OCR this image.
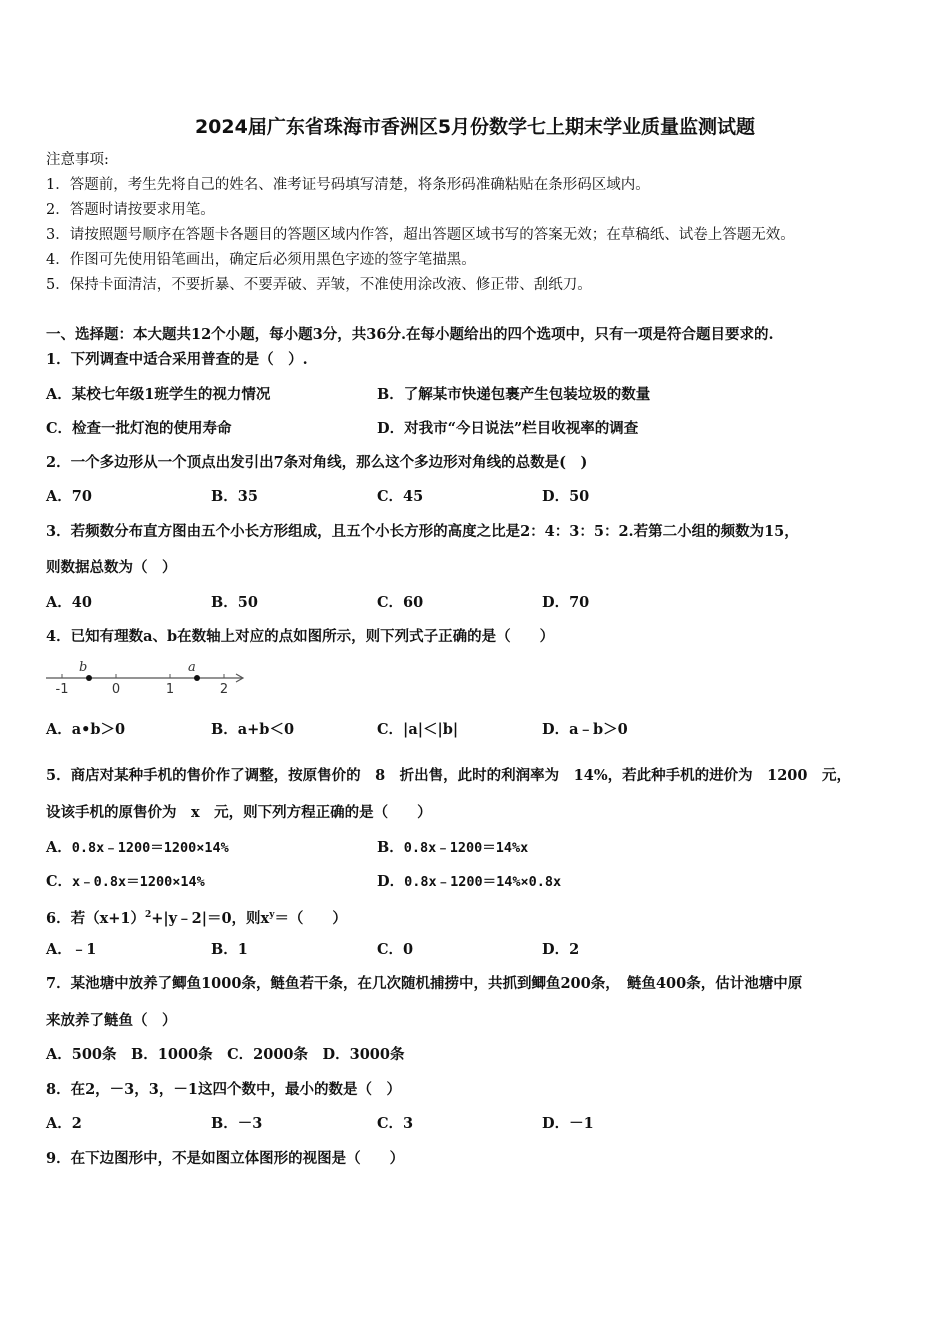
2024届广东省珠海市香洲区5月份数学七上期末学业质量监测试题
注意事项:
1．答题前，考生先将自己的姓名、准考证号码填写清楚，将条形码准确粘贴在条形码区域内。
2．答题时请按要求用笔。
3．请按照题号顺序在答题卡各题目的答题区域内作答，超出答题区域书写的答案无效；在草稿纸、试卷上答题无效。
4．作图可先使用铅笔画出，确定后必须用黑色字迹的签字笔描黑。
5．保持卡面清洁，不要折暴、不要弄破、弄皱，不准使用涂改液、修正带、刮纸刀。
一、选择题：本大题共12个小题，每小题3分，共36分.在每小题给出的四个选项中，只有一项是符合题目要求的.
1．下列调查中适合采用普查的是（　）.
A．某校七年级1班学生的视力情况	B．了解某市快递包裹产生包装垃圾的数量
C．检查一批灯泡的使用寿命	D．对我市“今日说法”栏目收视率的调查
2．一个多边形从一个顶点出发引出7条对角线，那么这个多边形对角线的总数是(　)
A．70	B．35	C．45	D．50
3．若频数分布直方图由五个小长方形组成，且五个小长方形的高度之比是2：4：3：5：2.若第二小组的频数为15，
则数据总数为（　）
A．40	B．50	C．60	D．70
4．已知有理数a、b在数轴上对应的点如图所示，则下列式子正确的是（　　）
-1	0	1	2
b	a
A．a•b＞0	B．a+b＜0	C．|a|＜|b|	D．a﹣b＞0
5．商店对某种手机的售价作了调整，按原售价的　8　折出售，此时的利润率为　14%，若此种手机的进价为　1200　元，
设该手机的原售价为　x　元，则下列方程正确的是（　　）
A．0.8x﹣1200＝1200×14%	B．0.8x﹣1200＝14%x
C．x﹣0.8x＝1200×14%	D．0.8x﹣1200＝14%×0.8x
6．若$(x+1)^2+|y﹣2|=0$，则$x^y=$（　　）
A．﹣1	B．1	C．0	D．2
7．某池塘中放养了鲫鱼1000条，鲢鱼若干条，在几次随机捕捞中，共抓到鲫鱼200条，　鲢鱼400条，估计池塘中原
来放养了鲢鱼（　）
A．500条　B．1000条　C．2000条　D．3000条
8．在2，－3，3，－1这四个数中，最小的数是（　）
A．2	B．－3	C．3	D．－1
9．在下边图形中，不是如图立体图形的视图是（　　）
